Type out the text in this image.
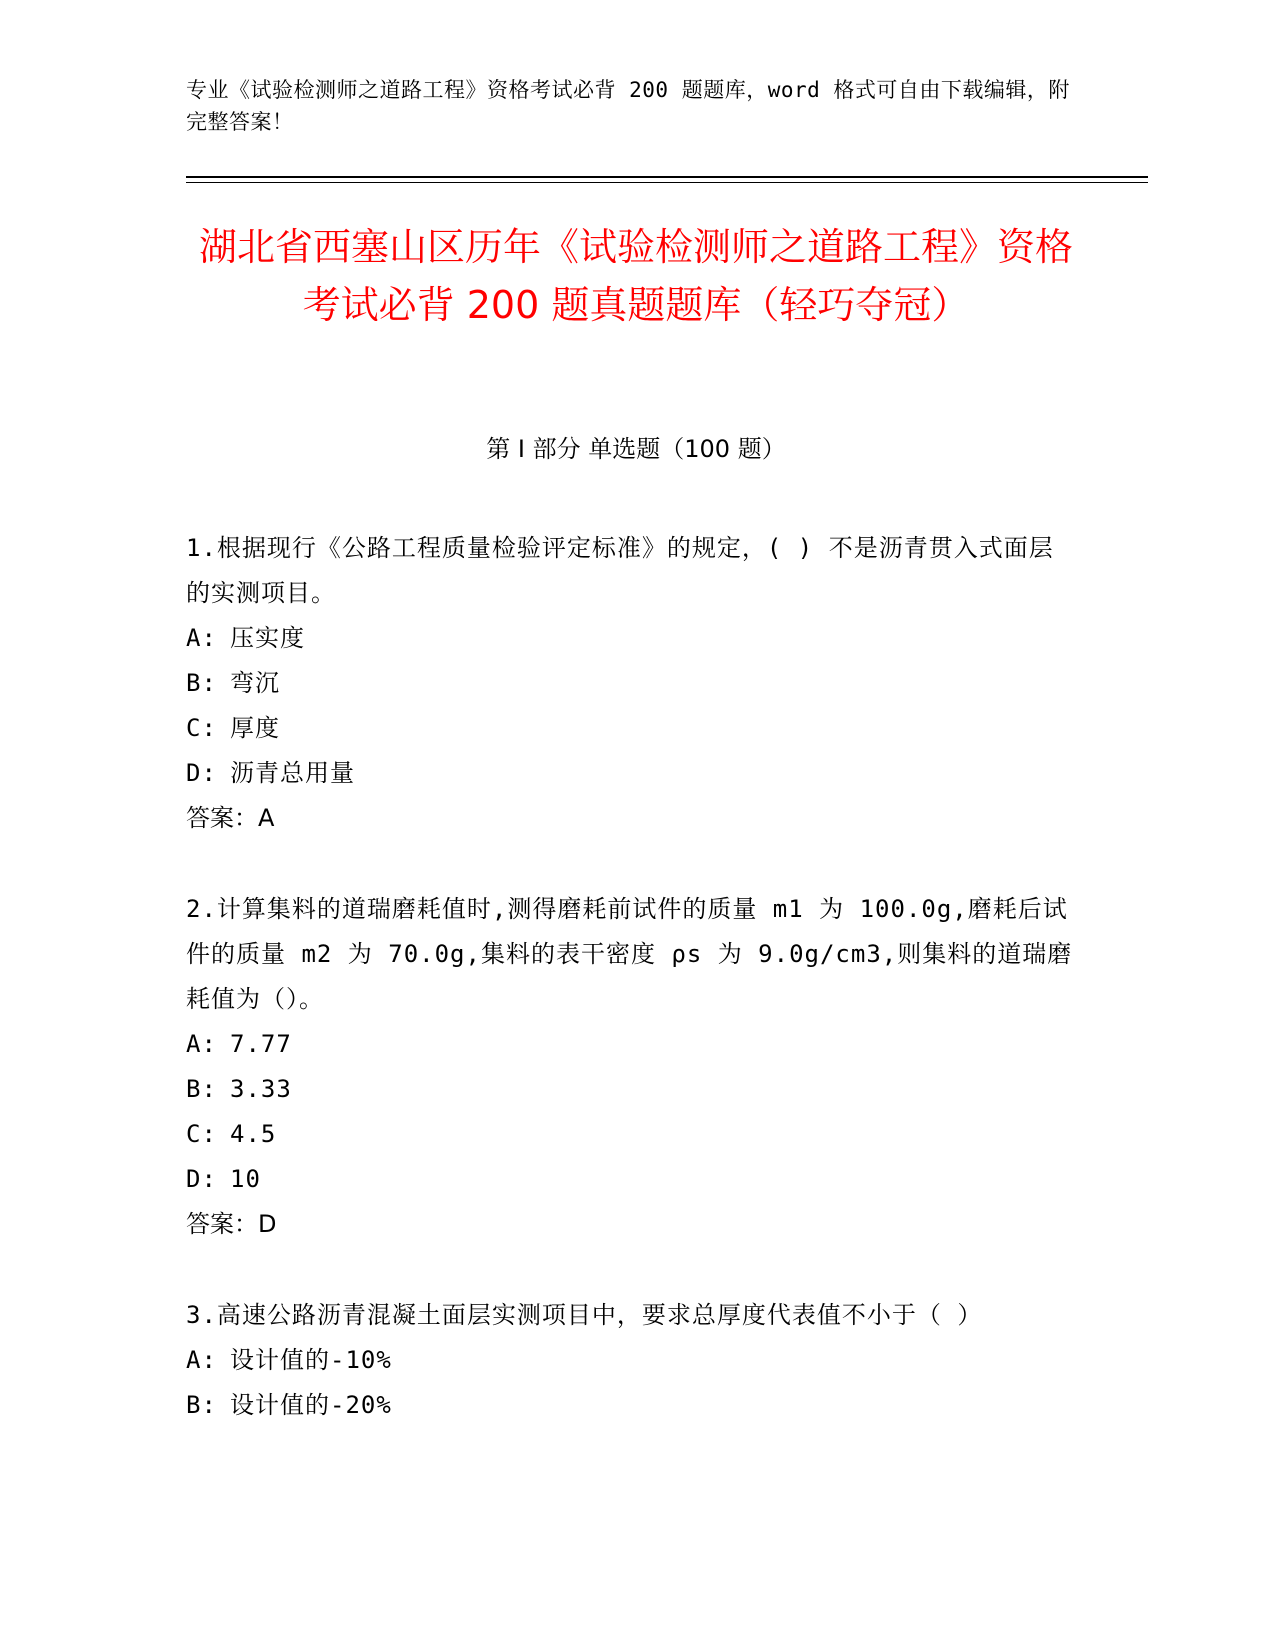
专业《试验检测师之道路工程》资格考试必背 200 题题库，word 格式可自由下载编辑，附完整答案！
湖北省西塞山区历年《试验检测师之道路工程》资格考试必背 200 题真题题库（轻巧夺冠）
第 I 部分 单选题（100 题）
1.根据现行《公路工程质量检验评定标准》的规定，( ) 不是沥青贯入式面层的实测项目。
A: 压实度
B: 弯沉
C: 厚度
D: 沥青总用量
答案：A
2.计算集料的道瑞磨耗值时,测得磨耗前试件的质量 m1 为 100.0g,磨耗后试件的质量 m2 为 70.0g,集料的表干密度 ρs 为 9.0g/cm3,则集料的道瑞磨耗值为（）。
A: 7.77
B: 3.33
C: 4.5
D: 10
答案：D
3.高速公路沥青混凝土面层实测项目中，要求总厚度代表值不小于（ ）
A: 设计值的-10%
B: 设计值的-20%
